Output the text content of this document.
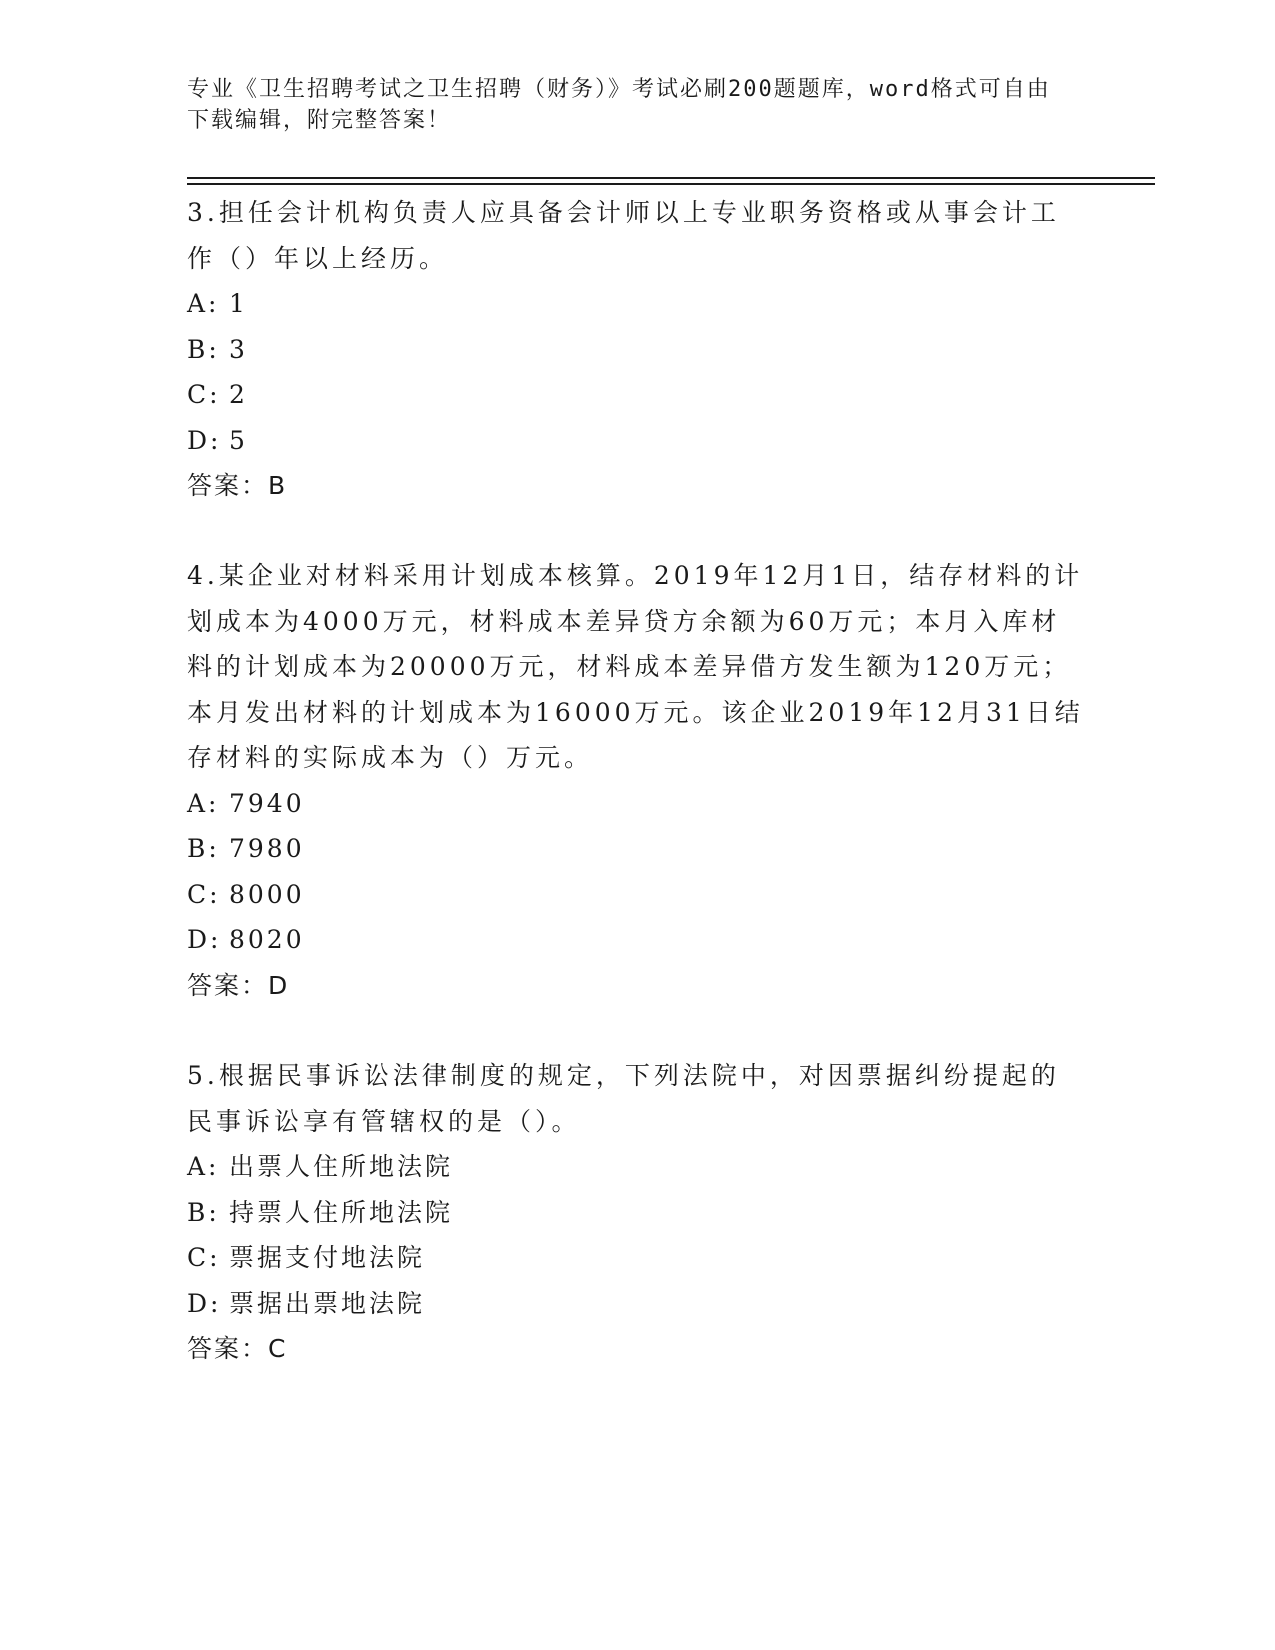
专业《卫生招聘考试之卫生招聘（财务）》考试必刷200题题库，word格式可自由下载编辑，附完整答案！

3.担任会计机构负责人应具备会计师以上专业职务资格或从事会计工作（）年以上经历。

A: 1

B: 3

C: 2

D: 5

答案：B

4.某企业对材料采用计划成本核算。2019年12月1日，结存材料的计划成本为4000万元，材料成本差异贷方余额为60万元；本月入库材料的计划成本为20000万元，材料成本差异借方发生额为120万元；本月发出材料的计划成本为16000万元。该企业2019年12月31日结存材料的实际成本为（）万元。

A: 7940

B: 7980

C: 8000

D: 8020

答案：D

5.根据民事诉讼法律制度的规定，下列法院中，对因票据纠纷提起的民事诉讼享有管辖权的是（）。

A: 出票人住所地法院

B: 持票人住所地法院

C: 票据支付地法院

D: 票据出票地法院

答案：C
